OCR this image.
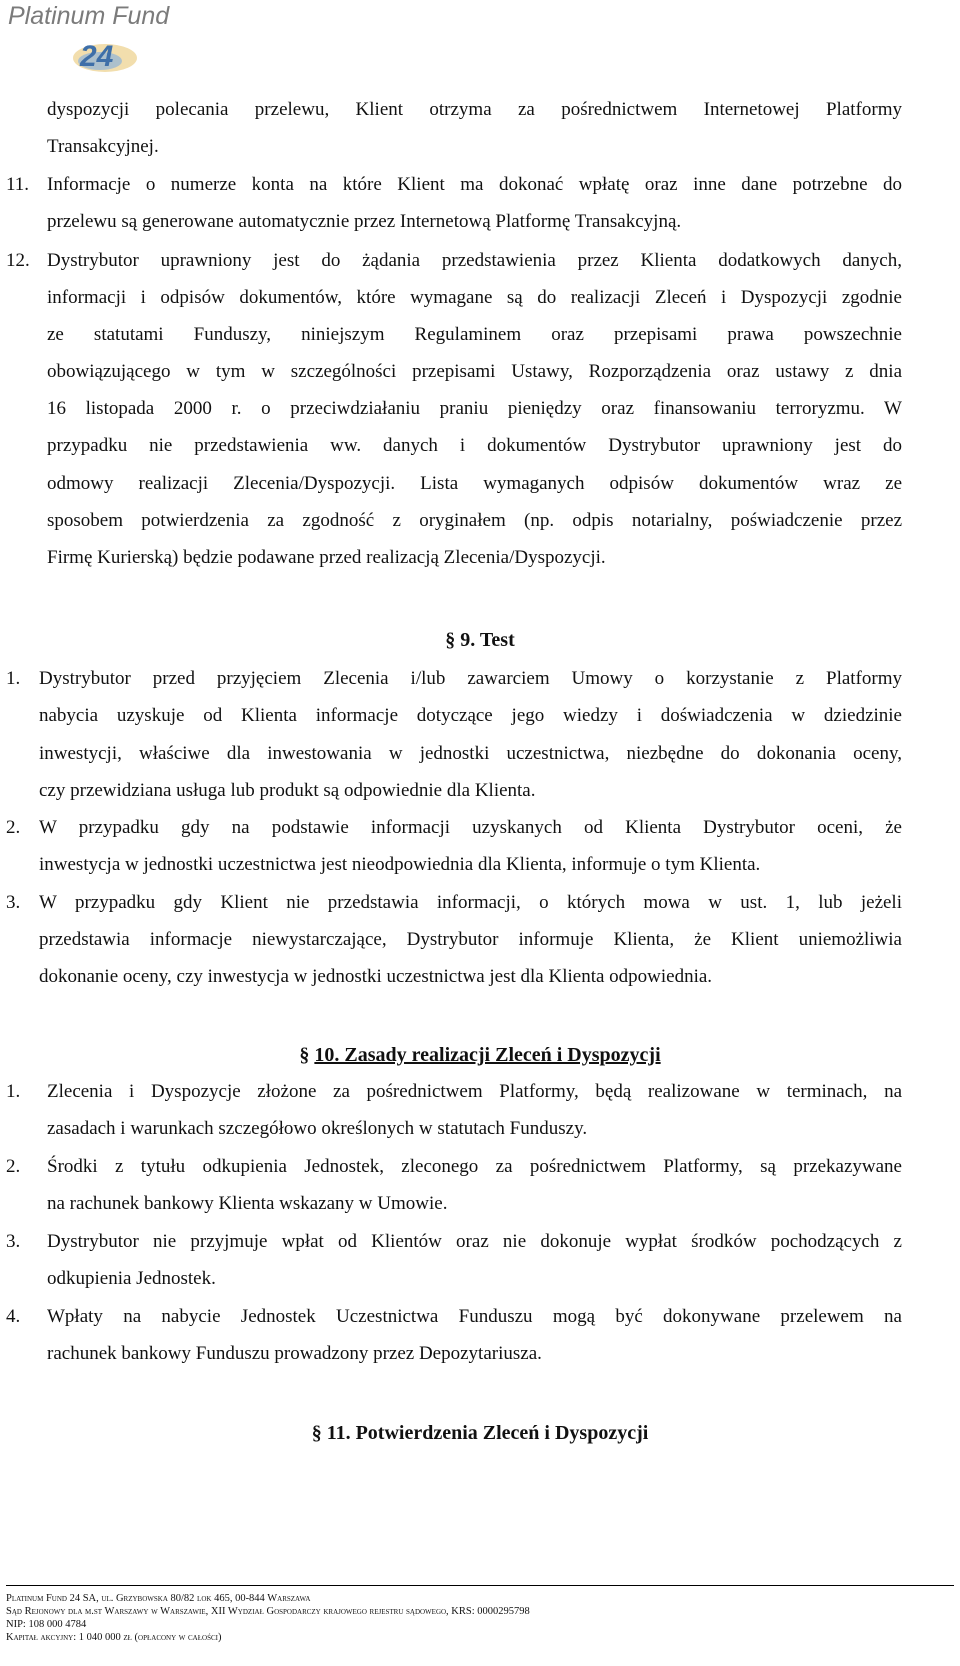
Platinum Fund
24
dyspozycji polecania przelewu, Klient otrzyma za pośrednictwem Internetowej Platformy
Transakcyjnej.
11. Informacje o numerze konta na które Klient ma dokonać wpłatę oraz inne dane potrzebne do
przelewu są generowane automatycznie przez Internetową Platformę Transakcyjną.
12. Dystrybutor uprawniony jest do żądania przedstawienia przez Klienta dodatkowych danych,
informacji i odpisów dokumentów, które wymagane są do realizacji Zleceń i Dyspozycji zgodnie
ze statutami Funduszy, niniejszym Regulaminem oraz przepisami prawa powszechnie
obowiązującego w tym w szczególności przepisami Ustawy, Rozporządzenia oraz ustawy z dnia
16 listopada 2000 r. o przeciwdziałaniu praniu pieniędzy oraz finansowaniu terroryzmu. W
przypadku nie przedstawienia ww. danych i dokumentów Dystrybutor uprawniony jest do
odmowy realizacji Zlecenia/Dyspozycji. Lista wymaganych odpisów dokumentów wraz ze
sposobem potwierdzenia za zgodność z oryginałem (np. odpis notarialny, poświadczenie przez
Firmę Kurierską) będzie podawane przed realizacją Zlecenia/Dyspozycji.
§ 9. Test
1. Dystrybutor przed przyjęciem Zlecenia i/lub zawarciem Umowy o korzystanie z Platformy
nabycia uzyskuje od Klienta informacje dotyczące jego wiedzy i doświadczenia w dziedzinie
inwestycji, właściwe dla inwestowania w jednostki uczestnictwa, niezbędne do dokonania oceny,
czy przewidziana usługa lub produkt są odpowiednie dla Klienta.
2. W przypadku gdy na podstawie informacji uzyskanych od Klienta Dystrybutor oceni, że
inwestycja w jednostki uczestnictwa jest nieodpowiednia dla Klienta, informuje o tym Klienta.
3. W przypadku gdy Klient nie przedstawia informacji, o których mowa w ust. 1, lub jeżeli
przedstawia informacje niewystarczające, Dystrybutor informuje Klienta, że Klient uniemożliwia
dokonanie oceny, czy inwestycja w jednostki uczestnictwa jest dla Klienta odpowiednia.
§ 10. Zasady realizacji Zleceń i Dyspozycji
1. Zlecenia i Dyspozycje złożone za pośrednictwem Platformy, będą realizowane w terminach, na
zasadach i warunkach szczegółowo określonych w statutach Funduszy.
2. Środki z tytułu odkupienia Jednostek, zleconego za pośrednictwem Platformy, są przekazywane
na rachunek bankowy Klienta wskazany w Umowie.
3. Dystrybutor nie przyjmuje wpłat od Klientów oraz nie dokonuje wypłat środków pochodzących z
odkupienia Jednostek.
4. Wpłaty na nabycie Jednostek Uczestnictwa Funduszu mogą być dokonywane przelewem na
rachunek bankowy Funduszu prowadzony przez Depozytariusza.
§ 11. Potwierdzenia Zleceń i Dyspozycji
Platinum Fund 24 SA, ul. Grzybowska 80/82 lok 465, 00-844 Warszawa
Sąd Rejonowy dla m.st Warszawy w Warszawie, XII Wydział Gospodarczy krajowego rejestru sądowego, KRS: 0000295798
NIP: 108 000 4784
Kapitał akcyjny: 1 040 000 zł (opłacony w całości)
